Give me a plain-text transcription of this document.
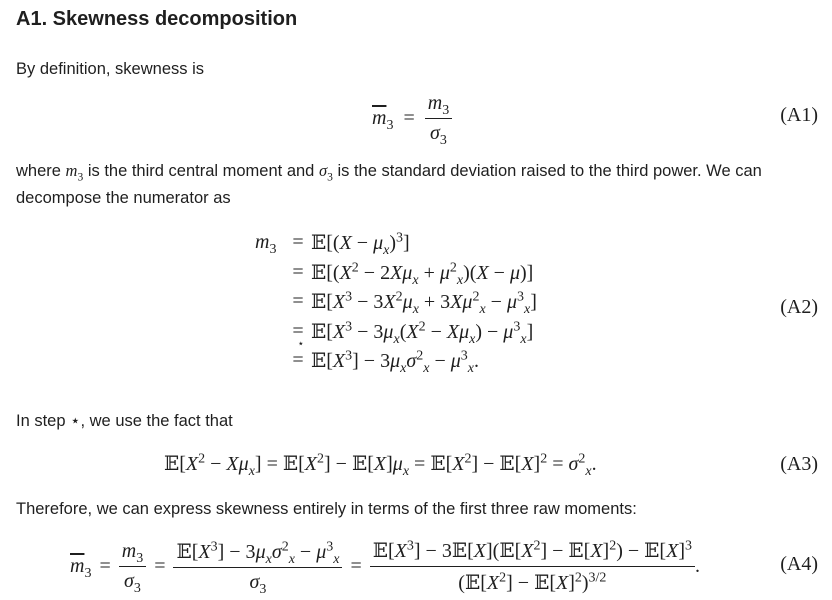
A1. Skewness decomposition

By definition, skewness is

$\overline{m}_3 = \frac{m_3}{\sigma_3}$	(A1)

where $m_3$ is the third central moment and $\sigma_3$ is the standard deviation raised to the third power. We can decompose the numerator as

$m_3$ = 𝔼[(X − $\mu_x)^3$]
= $𝔼[(X^2 - 2X\mu_x + \mu^2_x)(X - \mu)]$
= $𝔼[X^3 - 3X^2\mu_x + 3X\mu^2_x - \mu^3_x]$
= $𝔼[X^3 - 3\mu_x(X^2 - X\mu_x) - \mu^3_x]$
=
⋆
$𝔼[X^3] - 3\mu_x\sigma^2_x - \mu^3_x$.
(A2)

In step ⋆, we use the fact that

$𝔼[X^2 - X\mu_x]$ = $𝔼[X^2]$ − $𝔼[X]\mu_x$ = $𝔼[X^2]$ − $𝔼[X]^2 = \sigma^2_x$.	(A3)

Therefore, we can express skewness entirely in terms of the first three raw moments:

$\overline{m}_3 = \frac{m_3}{\sigma_3} = \frac{𝔼[X^3] - 3\mu_x\sigma^2_x - \mu^3_x}{\sigma_3} = \frac{𝔼[X^3] - 3𝔼[X](𝔼[X^2] - 𝔼[X]^2) - 𝔼[X]^3}{(𝔼[X^2] - 𝔼[X]^2)^{3/2}}$ .	(A4)
